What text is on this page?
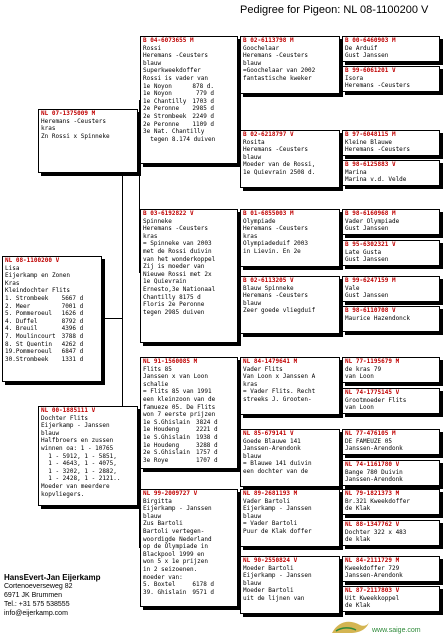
Pedigree for Pigeon: NL 08-1100200 V
NL 08-1100200 V
Lisa
Eijerkamp en Zonen
Kras
Kleindochter Flits
1. Strombeek	5667 d
2. Meer	7001 d
5. Pommeroeul	1626 d
4. Duffel	8792 d
4. Breuil	4396 d
7. Moulincourt	3788 d
8. St Quentin	4262 d
19.Pommeroeul	6847 d
30.Strombeek	1331 d
NL 07-1375009 M
Heremans -Ceusters
kras
Zn Rossi x Spinneke
NL 00-1885111 V
Dochter Flits
Eijerkamp - Janssen
blauw
Halfbroers en zussen
winnen oa: 1 - 10765
1 - 5912, 1 - 5851,
1 - 4643, 1 - 4075,
1 - 3202, 1 - 2882,
1 - 2428, 1 - 2121..
Moeder van meerdere
kopvliegers.
B 04-6073655 M
Rossi
Heremans -Ceusters
blauw
Superkweekdoffer
Rossi is vader van
1e Noyon	878 d.
1e Noyon	779 d
1e Chantilly	1703 d
2e Peronne	2985 d
2e Strombeek	2249 d
2e Peronne	1109 d
3e Nat. Chantilly
tegen 8.174 duiven
B 03-6192822 V
Spinneke
Heremans -Ceusters
kras
= Spinneke van 2003
met de Rossi duivin
van het wonderkoppel
Zij is moeder van
Nieuwe Rossi met 2x
1e Quievrain
Ernesto,3e Nationaal
Chantilly 8175 d
Floris 2e Peronne
tegen 2985 duiven
NL 91-1560085 M
Flits 85
Janssen x van Loon
schalie
= Flits 85 van 1991
een kleinzoon van de
famueze 05. De Flits
won 7 eerste prijzen
1e S.Ghislain	3824 d
1e Houdeng	2221 d
1e S.Ghislain	1938 d
1e Houdeng	3288 d
2e S.Ghislain	1757 d
3e Roye	1707 d
NL 99-2009727 V
Birgitta
Eijerkamp - Janssen
blauw
Zus Bartoli
Bartoli vertegen-
woordigde Nederland
op de Olympiade in
Blackpool 1999 en
won 5 x 1e prijzen
in 2 seizoenen.
moeder van:
5. Boxtel	6178 d
39. Ghislain	9571 d
B 02-6113798 M
Goochelaar
Heremans -Ceusters
blauw
=Goochelaar van 2002
fantastische kweker
B 02-6218797 V
Rosita
Heremans -Ceusters
blauw
Moeder van de Rossi,
1e Quievrain 2508 d.
B 01-6855003 M
Olympiade
Heremans -Ceusters
kras
Olympiadeduif 2003
in Lievin. En 2e
B 02-6113205 V
Blauw Spinneke
Heremans -Ceusters
blauw
Zeer goede vliegduif
NL 84-1479641 M
Vader Flits
Van Loon x Janssen A
kras
= Vader Flits. Recht
streeks J. Grooten-
NL 85-679141 V
Goede Blauwe 141
Janssen-Arendonk
blauw
= Blauwe 141 duivin
een dochter van de
NL 89-2681193 M
Vader Bartoli
Eijerkamp - Janssen
blauw
= Vader Bartoli
Puur de Klak doffer
NL 90-2550824 V
Moeder Bartoli
Eijerkamp - Janssen
blauw
Moeder Bartoli
uit de lijnen van
B 00-6460903 M
De Arduif
Gust Janssen
B 99-6061201 V
Isora
Heremans -Ceusters
B 97-6048115 M
Kleine Blauwe
Heremans -Ceusters
B 98-6125883 V
Marina
Marina v.d. Velde
B 98-6160968 M
Vader Olympiade
Gust Janssen
B 95-6302321 V
Late Gusta
Gust Janssen
B 99-6247159 M
Vale
Gust Janssen
B 98-6110708 V
Maurice Hazendonck
NL 77-1195679 M
de kras 79
van Loon
NL 74-1775145 V
Grootmoeder Flits
van Loon
NL 77-476105 M
DE FAMEUZE 05
Janssen-Arendonk
NL 74-1161780 V
Bange 780 Duivin
Janssen-Arendonk
NL 79-1821373 M
Br.321 Kweekdoffer
de Klak
NL 88-1347762 V
Dochter 322 x 483
de klak
NL 84-2111729 M
Kweekdoffer 729
Janssen-Arendonk
NL 87-2117803 V
Uit Kweekkoppel
de Klak
HansEvert-Jan Eijerkamp
Cortenoeverseweg 82
6971 JK Brummen
Tel.: +31 575 538555
info@eijerkamp.com
www.saige.com
